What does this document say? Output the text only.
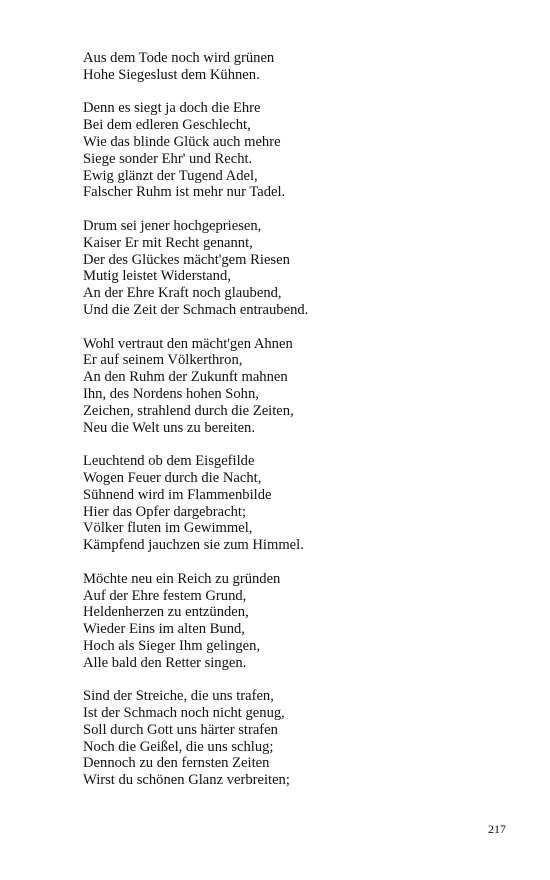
Aus dem Tode noch wird grünen
Hohe Siegeslust dem Kühnen.
Denn es siegt ja doch die Ehre
Bei dem edleren Geschlecht,
Wie das blinde Glück auch mehre
Siege sonder Ehr' und Recht.
Ewig glänzt der Tugend Adel,
Falscher Ruhm ist mehr nur Tadel.
Drum sei jener hochgepriesen,
Kaiser Er mit Recht genannt,
Der des Glückes mächt'gem Riesen
Mutig leistet Widerstand,
An der Ehre Kraft noch glaubend,
Und die Zeit der Schmach entraubend.
Wohl vertraut den mächt'gen Ahnen
Er auf seinem Völkerthron,
An den Ruhm der Zukunft mahnen
Ihn, des Nordens hohen Sohn,
Zeichen, strahlend durch die Zeiten,
Neu die Welt uns zu bereiten.
Leuchtend ob dem Eisgefilde
Wogen Feuer durch die Nacht,
Sühnend wird im Flammenbilde
Hier das Opfer dargebracht;
Völker fluten im Gewimmel,
Kämpfend jauchzen sie zum Himmel.
Möchte neu ein Reich zu gründen
Auf der Ehre festem Grund,
Heldenherzen zu entzünden,
Wieder Eins im alten Bund,
Hoch als Sieger Ihm gelingen,
Alle bald den Retter singen.
Sind der Streiche, die uns trafen,
Ist der Schmach noch nicht genug,
Soll durch Gott uns härter strafen
Noch die Geißel, die uns schlug;
Dennoch zu den fernsten Zeiten
Wirst du schönen Glanz verbreiten;
217
